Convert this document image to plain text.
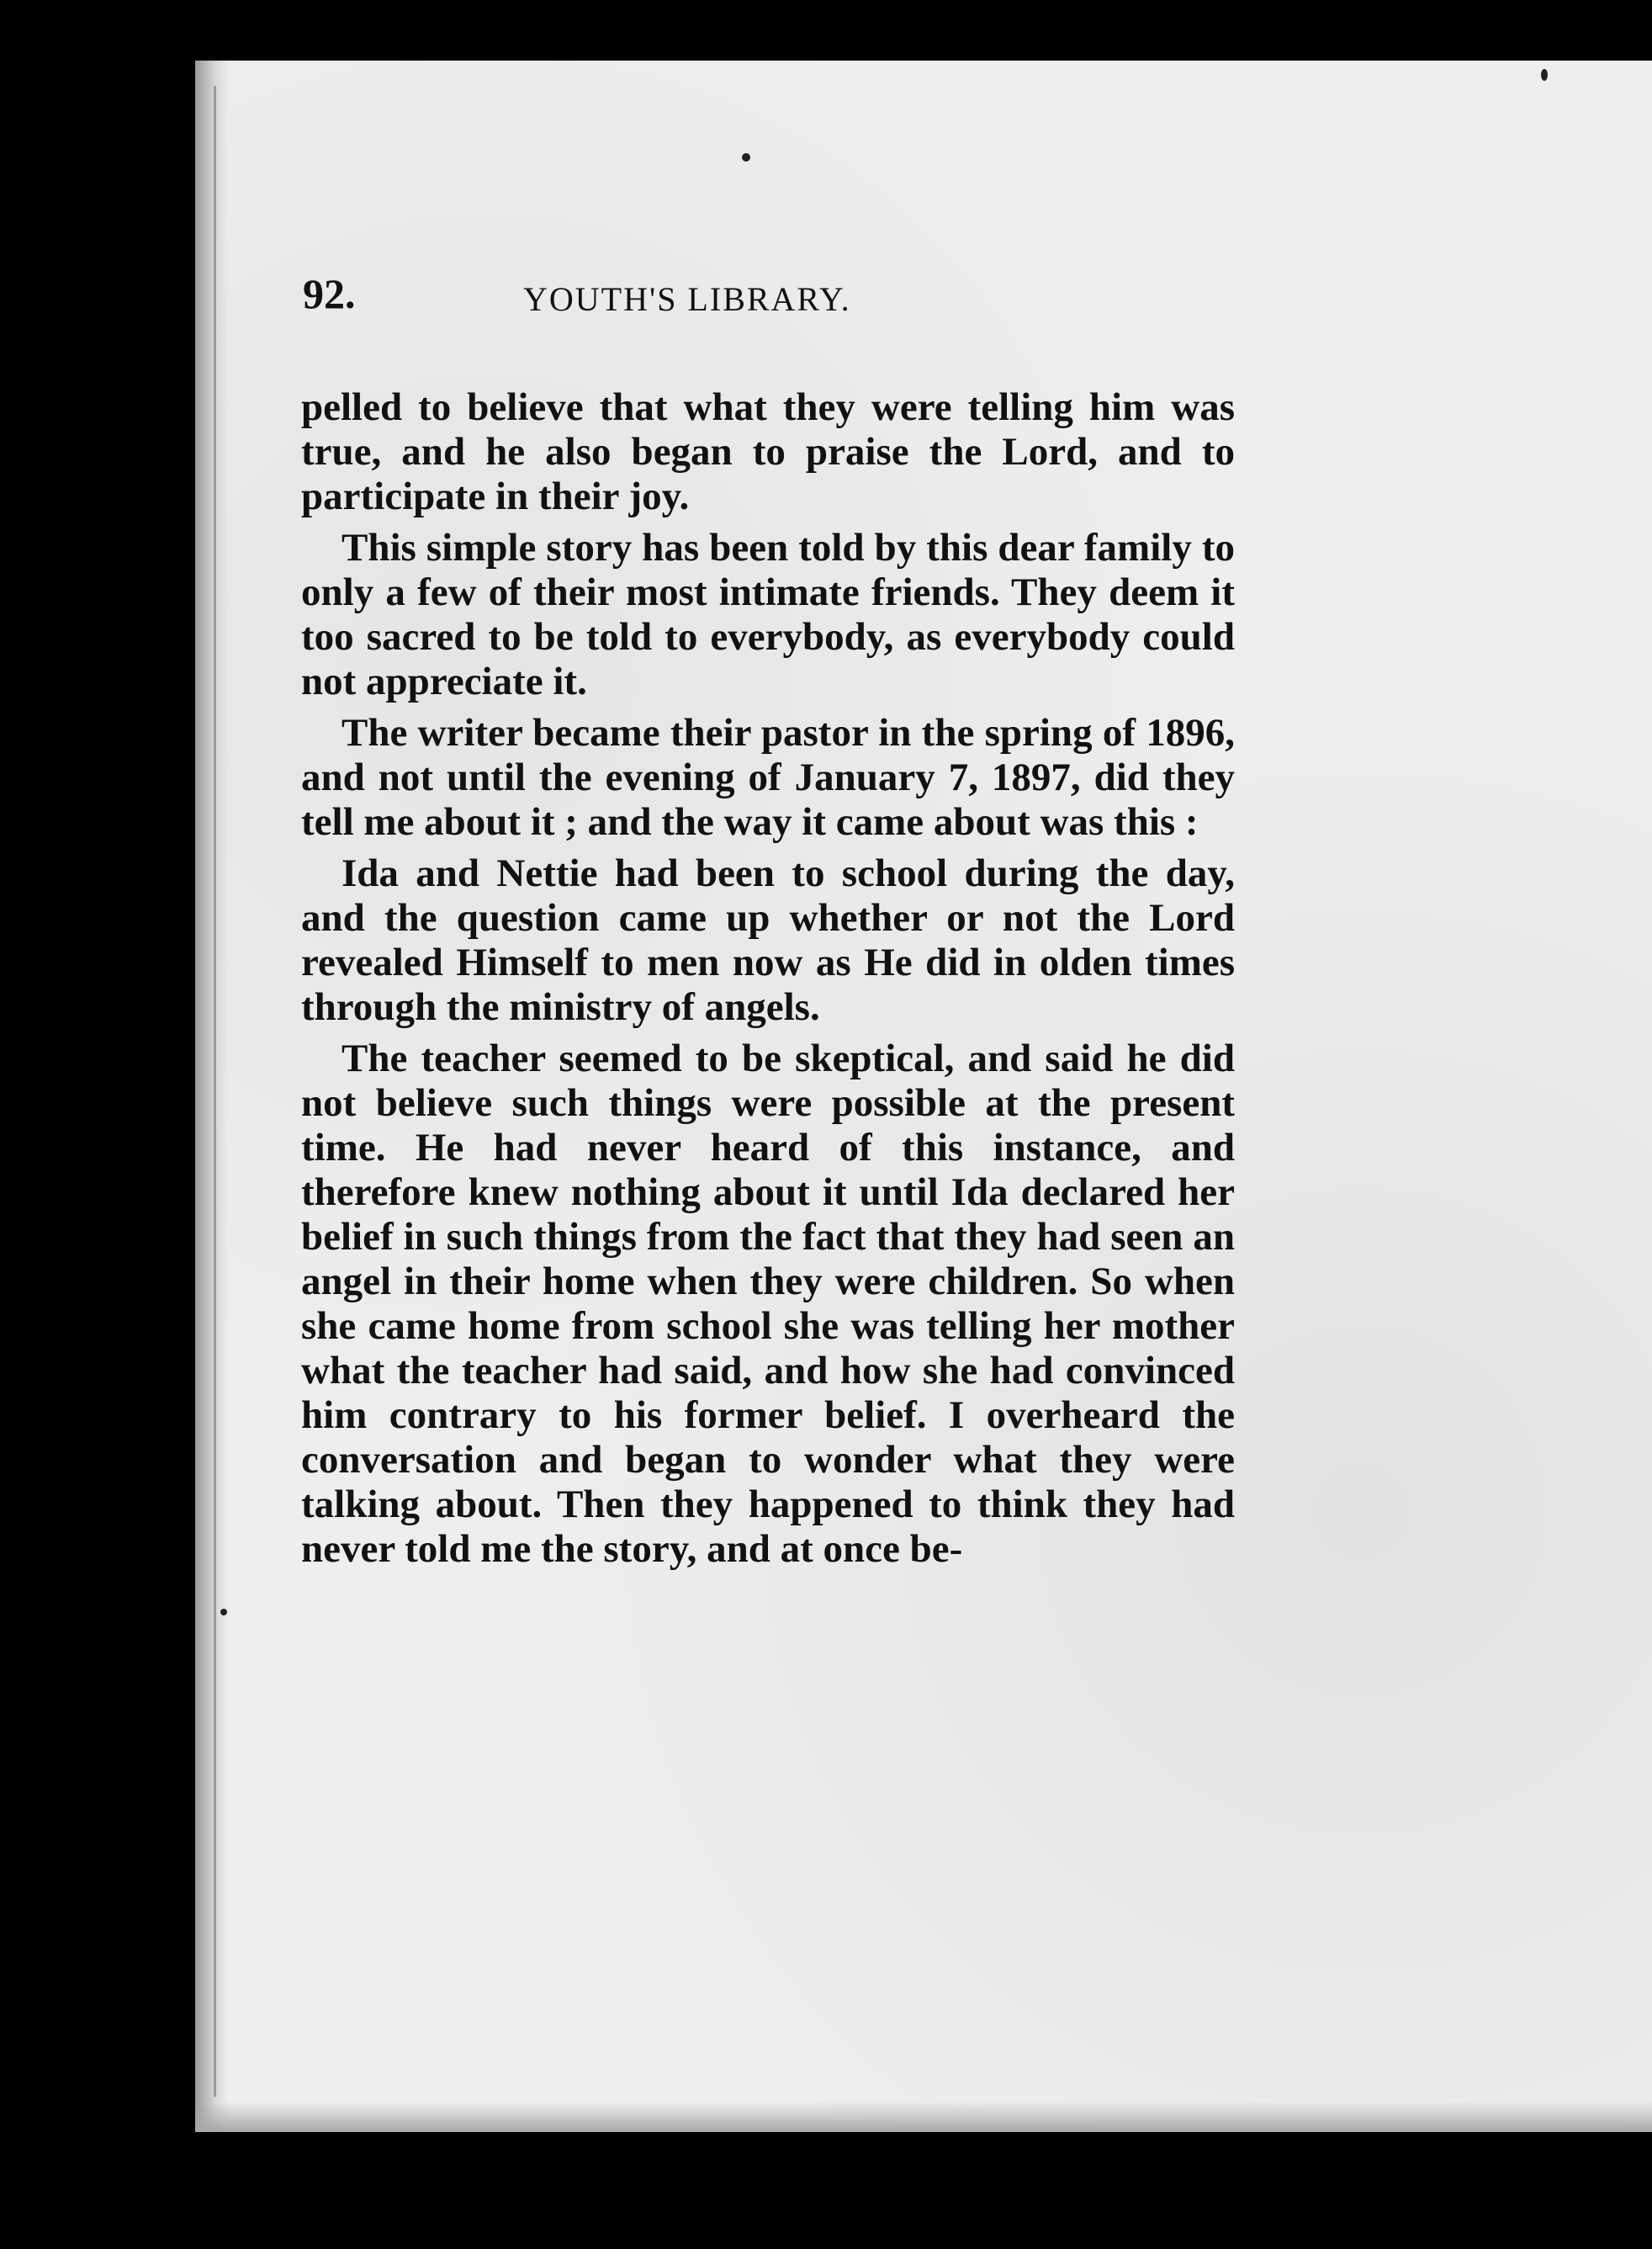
92.	YOUTH'S LIBRARY.

pelled to believe that what they were telling him was true, and he also began to praise the Lord, and to participate in their joy.

This simple story has been told by this dear family to only a few of their most intimate friends. They deem it too sacred to be told to everybody, as everybody could not appreciate it.

The writer became their pastor in the spring of 1896, and not until the evening of January 7, 1897, did they tell me about it ; and the way it came about was this :

Ida and Nettie had been to school during the day, and the question came up whether or not the Lord revealed Himself to men now as He did in olden times through the ministry of angels.

The teacher seemed to be skeptical, and said he did not believe such things were possible at the present time. He had never heard of this instance, and therefore knew nothing about it until Ida declared her belief in such things from the fact that they had seen an angel in their home when they were children. So when she came home from school she was telling her mother what the teacher had said, and how she had convinced him contrary to his former belief. I overheard the conversation and began to wonder what they were talking about. Then they happened to think they had never told me the story, and at once be-
